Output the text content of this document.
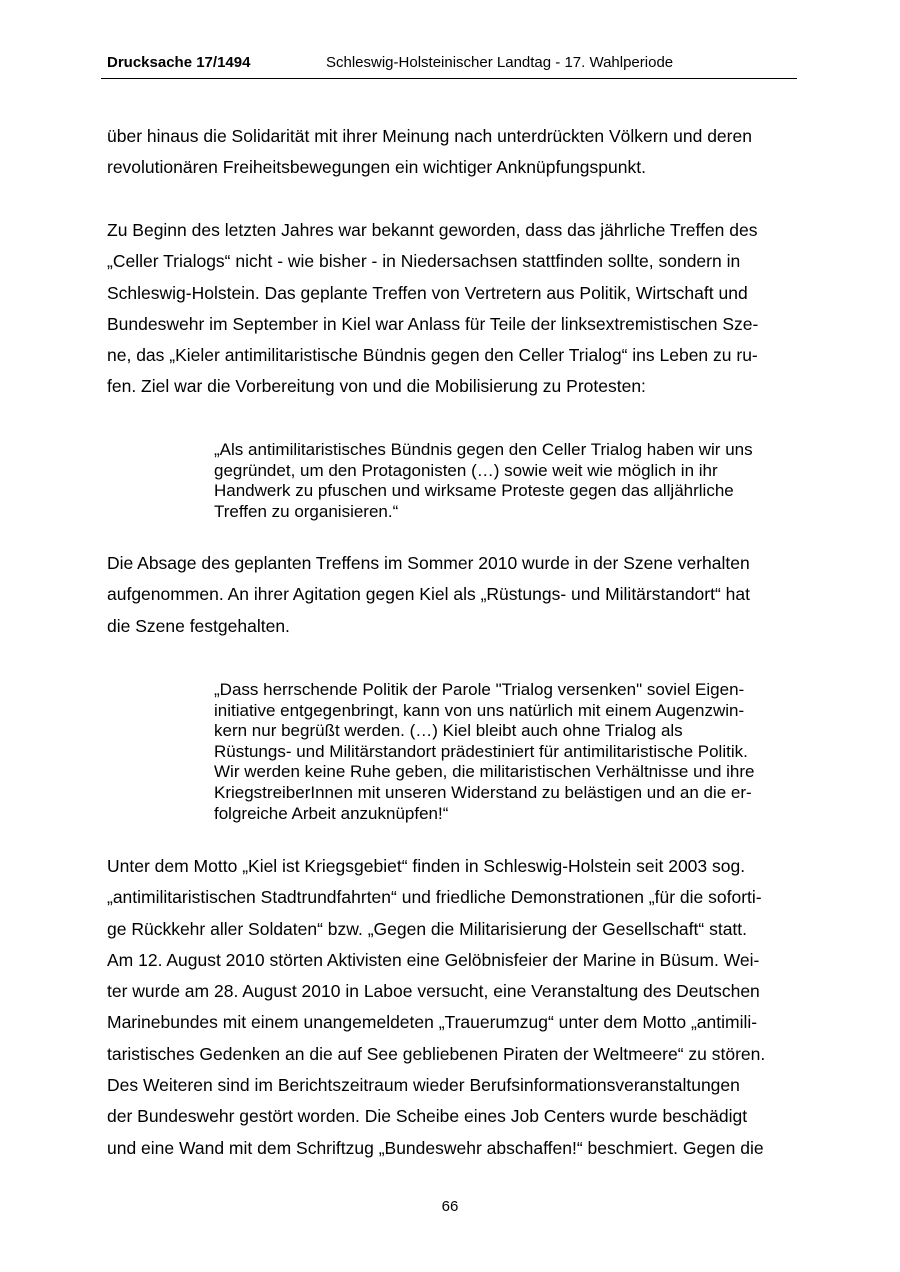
Drucksache 17/1494	Schleswig-Holsteinischer Landtag - 17. Wahlperiode

über hinaus die Solidarität mit ihrer Meinung nach unterdrückten Völkern und deren
revolutionären Freiheitsbewegungen ein wichtiger Anknüpfungspunkt.

Zu Beginn des letzten Jahres war bekannt geworden, dass das jährliche Treffen des
„Celler Trialogs“ nicht - wie bisher - in Niedersachsen stattfinden sollte, sondern in
Schleswig-Holstein. Das geplante Treffen von Vertretern aus Politik, Wirtschaft und
Bundeswehr im September in Kiel war Anlass für Teile der linksextremistischen Sze-
ne, das „Kieler antimilitaristische Bündnis gegen den Celler Trialog“ ins Leben zu ru-
fen. Ziel war die Vorbereitung von und die Mobilisierung zu Protesten:

„Als antimilitaristisches Bündnis gegen den Celler Trialog haben wir uns
gegründet, um den Protagonisten (…) sowie weit wie möglich in ihr
Handwerk zu pfuschen und wirksame Proteste gegen das alljährliche
Treffen zu organisieren.“

Die Absage des geplanten Treffens im Sommer 2010 wurde in der Szene verhalten
aufgenommen. An ihrer Agitation gegen Kiel als „Rüstungs- und Militärstandort“ hat
die Szene festgehalten.

„Dass herrschende Politik der Parole "Trialog versenken" soviel Eigen-
initiative entgegenbringt, kann von uns natürlich mit einem Augenzwin-
kern nur begrüßt werden. (…) Kiel bleibt auch ohne Trialog als
Rüstungs- und Militärstandort prädestiniert für antimilitaristische Politik.
Wir werden keine Ruhe geben, die militaristischen Verhältnisse und ihre
KriegstreiberInnen mit unseren Widerstand zu belästigen und an die er-
folgreiche Arbeit anzuknüpfen!“

Unter dem Motto „Kiel ist Kriegsgebiet“ finden in Schleswig-Holstein seit 2003 sog.
„antimilitaristischen Stadtrundfahrten“ und friedliche Demonstrationen „für die soforti-
ge Rückkehr aller Soldaten“ bzw. „Gegen die Militarisierung der Gesellschaft“ statt.
Am 12. August 2010 störten Aktivisten eine Gelöbnisfeier der Marine in Büsum. Wei-
ter wurde am 28. August 2010 in Laboe versucht, eine Veranstaltung des Deutschen
Marinebundes mit einem unangemeldeten „Trauerumzug“ unter dem Motto „antimili-
taristisches Gedenken an die auf See gebliebenen Piraten der Weltmeere“ zu stören.
Des Weiteren sind im Berichtszeitraum wieder Berufsinformationsveranstaltungen
der Bundeswehr gestört worden. Die Scheibe eines Job Centers wurde beschädigt
und eine Wand mit dem Schriftzug „Bundeswehr abschaffen!“ beschmiert. Gegen die

66
